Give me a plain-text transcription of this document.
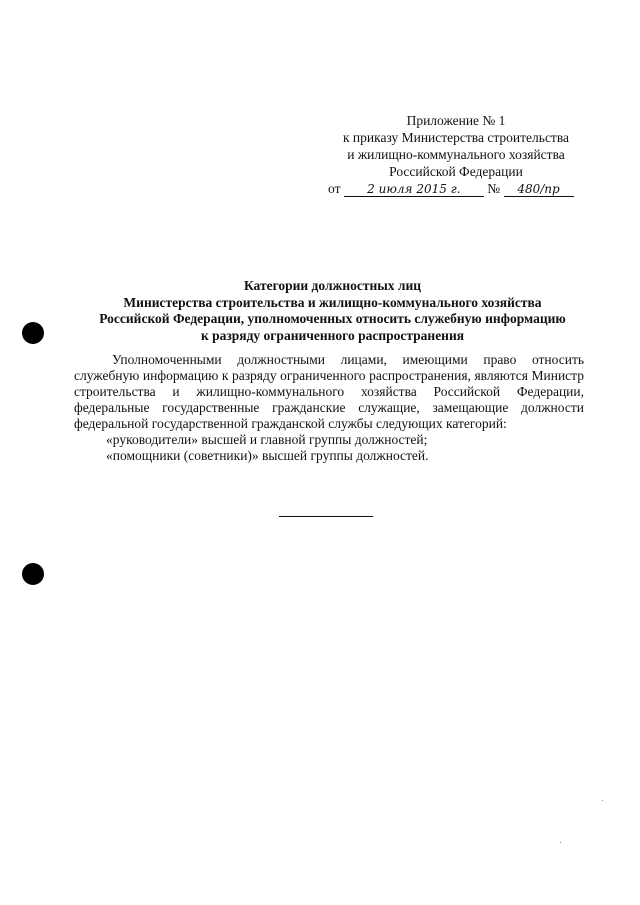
Приложение № 1
к приказу Министерства строительства
и жилищно-коммунального хозяйства
Российской Федерации
от 2 июля 2015 г. № 480/пр
Категории должностных лиц
Министерства строительства и жилищно-коммунального хозяйства
Российской Федерации, уполномоченных относить служебную информацию
к разряду ограниченного распространения

Уполномоченными должностными лицами, имеющими право относить служебную информацию к разряду ограниченного распространения, являются Министр строительства и жилищно-коммунального хозяйства Российской Федерации, федеральные государственные гражданские служащие, замещающие должности федеральной государственной гражданской службы следующих категорий:

«руководители» высшей и главной группы должностей;
«помощники (советники)» высшей группы должностей.
